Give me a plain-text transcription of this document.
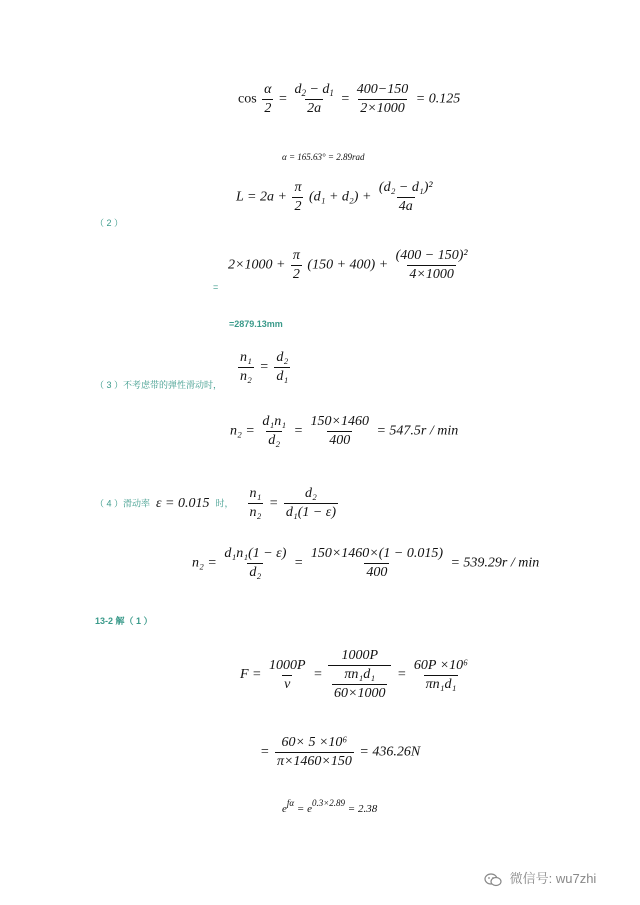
$\cos \frac{\alpha}{2} = \frac{d_2 - d_1}{2a} = \frac{400-150}{2\times 1000} = 0.125$
α = 165.63° = 2.89rad
（ 2 ）
$L = 2a + \frac{\pi}{2} (d_1 + d_2) + \frac{\text{(d₂ − d₁)²}}{4a}$
=
$2\times 1000 + \frac{\pi}{2} (150 + 400) + \frac{\text{(400 − 150)²}}{4\times 1000}$
=2879.13mm
（ 3 ）不考虑带的弹性滑动时， $\frac{\text{n₁}}{\text{n₂}} = \frac{\text{d₂}}{\text{d₁}}$
$n_2 = \frac{\text{d₁n₁}}{\text{d₂}} = \frac{150\times 1460}{400} = 547.5r / \min$
（ 4 ）滑动率 ε = 0.015 时， $\frac{\text{n₁}}{\text{n₂}} = \frac{\text{d₂}}{\text{d₁(1 − ε)}}$
$n_2 = \frac{\text{d₁n₁(1 − ε)}}{\text{d₂}} = \frac{150\times 1460\times(1 - 0.015)}{400} = 539.29r / \min$
13-2 解（ 1 ）
$F = \frac{1000P}{v} = \frac{1000P}{\frac{\text{πn₁d₁}}{60\times 1000}} = \frac{\text{60P ×10⁶}}{\text{πn₁d₁}}$
= $\frac{\text{60× 5 ×10⁶}}{\pi\times 1460\times 150} = 436.26N$
$e^{f\alpha} = e^{0.3\times 2.89} = 2.38$
微信号: wu7zhi
